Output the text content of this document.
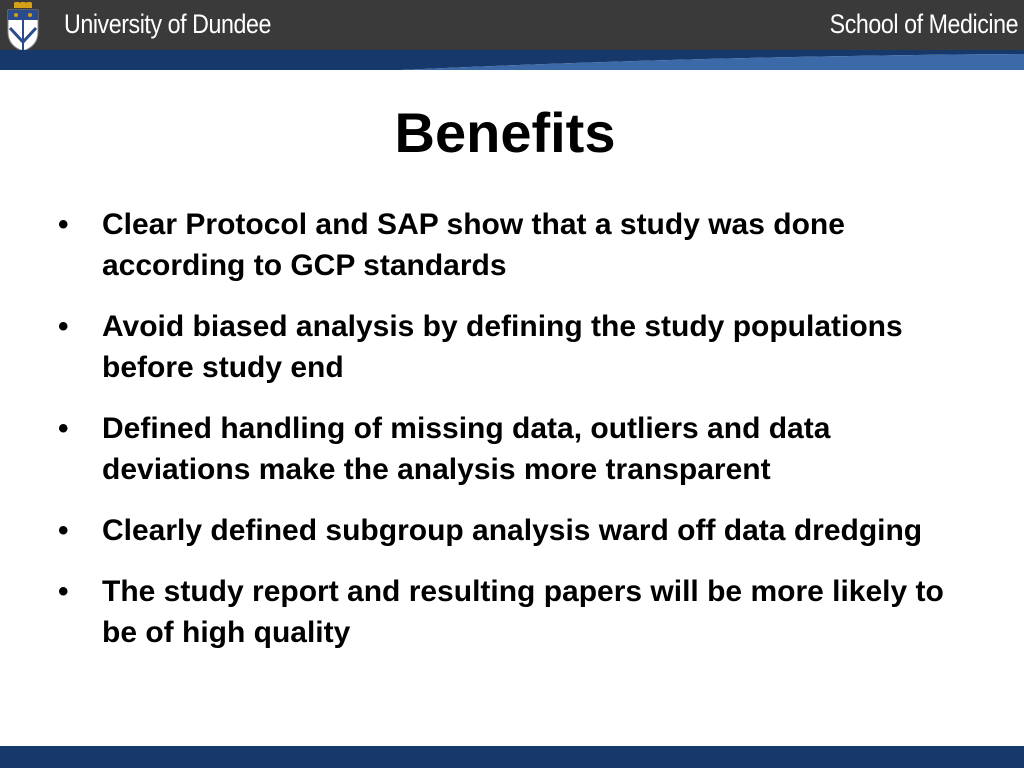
University of Dundee	School of Medicine
Benefits
•	Clear Protocol and SAP show that a study was done according to GCP standards
•	Avoid biased analysis by defining the study populations before study end
•	Defined handling of missing data, outliers and data deviations make the analysis more transparent
•	Clearly defined subgroup analysis ward off data dredging
•	The study report and resulting papers will be more likely to be of high quality
